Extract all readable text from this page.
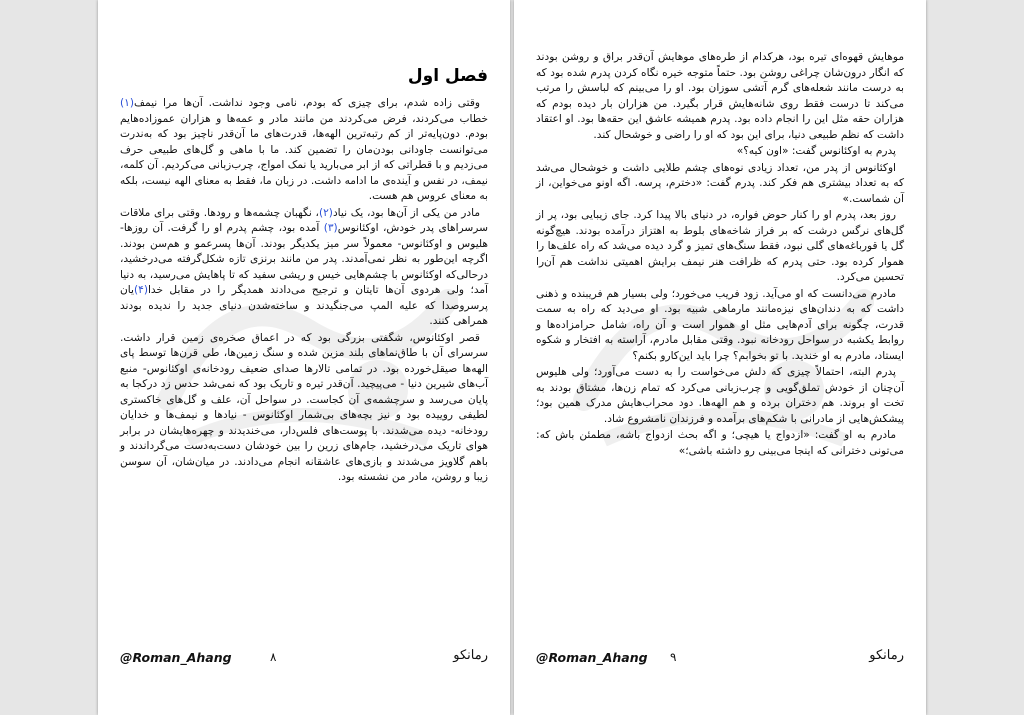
فصل اول

وقتی زاده شدم، برای چیزی که بودم، نامی وجود نداشت. آن‌ها مرا نیمف(۱) خطاب می‌کردند، فرض می‌کردند من مانند مادر و عمه‌ها و هزاران عموزاده‌هایم بودم. دون‌پایه‌تر از کم رتبه‌ترین الهه‌ها، قدرت‌های ما آن‌قدر ناچیز بود که به‌ندرت می‌توانست جاودانی بودن‌مان را تضمین کند. ما با ماهی و گل‌های طبیعی حرف می‌زدیم و با قطراتی که از ابر می‌بارید یا نمک امواج، چرب‌زبانی می‌کردیم. آن کلمه، نیمف، در نفس و آینده‌ی ما ادامه داشت. در زبان ما، فقط به معنای الهه نیست، بلکه به معنای عروس هم هست.

مادر من یکی از آن‌ها بود، یک نیاد(۲)، نگهبان چشمه‌ها و رودها. وقتی برای ملاقات سرسراهای پدر خودش، اوکئانوس(۳) آمده بود، چشم پدرم او را گرفت. آن روزها-هلیوس و اوکئانوس- معمولاً سر میز یکدیگر بودند. آن‌ها پسرعمو و هم‌سن بودند. اگرچه این‌طور به نظر نمی‌آمدند. پدر من مانند برنزی تازه شکل‌گرفته می‌درخشید، درحالی‌که اوکئانوس با چشم‌هایی خیس و ریشی سفید که تا پاهایش می‌رسید، به دنیا آمد؛ ولی هردوی آن‌ها تایتان و ترجیح می‌دادند همدیگر را در مقابل خدا(۴)یان پرسروصدا که علیه المپ می‌جنگیدند و ساخته‌شدن دنیای جدید را ندیده بودند همراهی کنند.

قصر اوکئانوس، شگفتی بزرگی بود که در اعماق صخره‌ی زمین قرار داشت. سرسرای آن با طاق‌نماهای بلند مزین شده و سنگ زمین‌ها، طی قرن‌ها توسط پای الهه‌ها صیقل‌خورده بود. در تمامی تالارها صدای ضعیف رودخانه‌ی اوکئانوس- منبع آب‌های شیرین دنیا - می‌پیچید. آن‌قدر تیره و تاریک بود که نمی‌شد حدس زد درکجا به پایان می‌رسد و سرچشمه‌ی آن کجاست. در سواحل آن، علف و گل‌های خاکستری لطیفی روییده بود و نیز بچه‌های بی‌شمار اوکئانوس - نیادها و نیمف‌ها و خدایان رودخانه- دیده می‌شدند. با پوست‌های فلس‌دار، می‌خندیدند و چهره‌هایشان در برابر هوای تاریک می‌درخشید، جام‌های زرین را بین خودشان دست‌به‌دست می‌گرداندند و باهم گلاویز می‌شدند و بازی‌های عاشقانه انجام می‌دادند. در میان‌شان، آن سوسن زیبا و روشن، مادر من نشسته بود.

@Roman_Ahang	۸	رمانکو

موهایش قهوه‌ای تیره بود، هرکدام از طره‌های موهایش آن‌قدر براق و روشن بودند که انگار درون‌شان چراغی روشن بود. حتماً متوجه خیره نگاه کردن پدرم شده بود که به درست مانند شعله‌های گرم آتشی سوزان بود. او را می‌بینم که لباسش را مرتب می‌کند تا درست فقط روی شانه‌هایش قرار بگیرد. من هزاران بار دیده بودم که هزاران حقه مثل این را انجام داده بود. پدرم همیشه عاشق این حقه‌ها بود. او اعتقاد داشت که نظم طبیعی دنیا، برای این بود که او را راضی و خوشحال کند.

پدرم به اوکئانوس گفت: «اون کیه؟»

اوکئانوس از پدر من، تعداد زیادی نوه‌های چشم طلایی داشت و خوشحال می‌شد که به تعداد بیشتری هم فکر کند. پدرم گفت: «دخترم، پرسه. اگه اونو می‌خواین، از آن شماست.»

روز بعد، پدرم او را کنار حوض فواره، در دنیای بالا پیدا کرد. جای زیبایی بود، پر از گل‌های نرگس درشت که بر فراز شاخه‌های بلوط به اهتزاز درآمده بودند. هیچ‌گونه گل یا قورباغه‌های گلی نبود، فقط سنگ‌های تمیز و گرد دیده می‌شد که راه علف‌ها را هموار کرده بود. حتی پدرم که ظرافت هنر نیمف برایش اهمیتی نداشت هم آن‌را تحسین می‌کرد.

مادرم می‌دانست که او می‌آید. زود فریب می‌خورد؛ ولی بسیار هم فریبنده و ذهنی داشت که به دندان‌های نیزه‌مانند مارماهی شبیه بود. او می‌دید که راه به سمت قدرت، چگونه برای آدم‌هایی مثل او هموار است و آن راه، شامل حرامزاده‌ها و روابط یکشبه در سواحل رودخانه نبود. وقتی مقابل مادرم، آراسته به افتخار و شکوه ایستاد، مادرم به او خندید. با تو بخوابم؟ چرا باید این‌کارو بکنم؟

پدرم البته، احتمالاً چیزی که دلش می‌خواست را به دست می‌آورد؛ ولی هلیوس آن‌چنان از خودش تملق‌گویی و چرب‌زبانی می‌کرد که تمام زن‌ها، مشتاق بودند به تخت او بروند. هم دختران برده و هم الهه‌ها. دود محراب‌هایش مدرک همین بود؛ پیشکش‌هایی از مادرانی با شکم‌های برآمده و فرزندان نامشروع شاد.

مادرم به او گفت: «ازدواج یا هیچی؛ و اگه بحث ازدواج باشه، مطمئن باش که: می‌تونی دخترانی که اینجا می‌بینی رو داشته باشی؛»

@Roman_Ahang ۹	رمانکو
